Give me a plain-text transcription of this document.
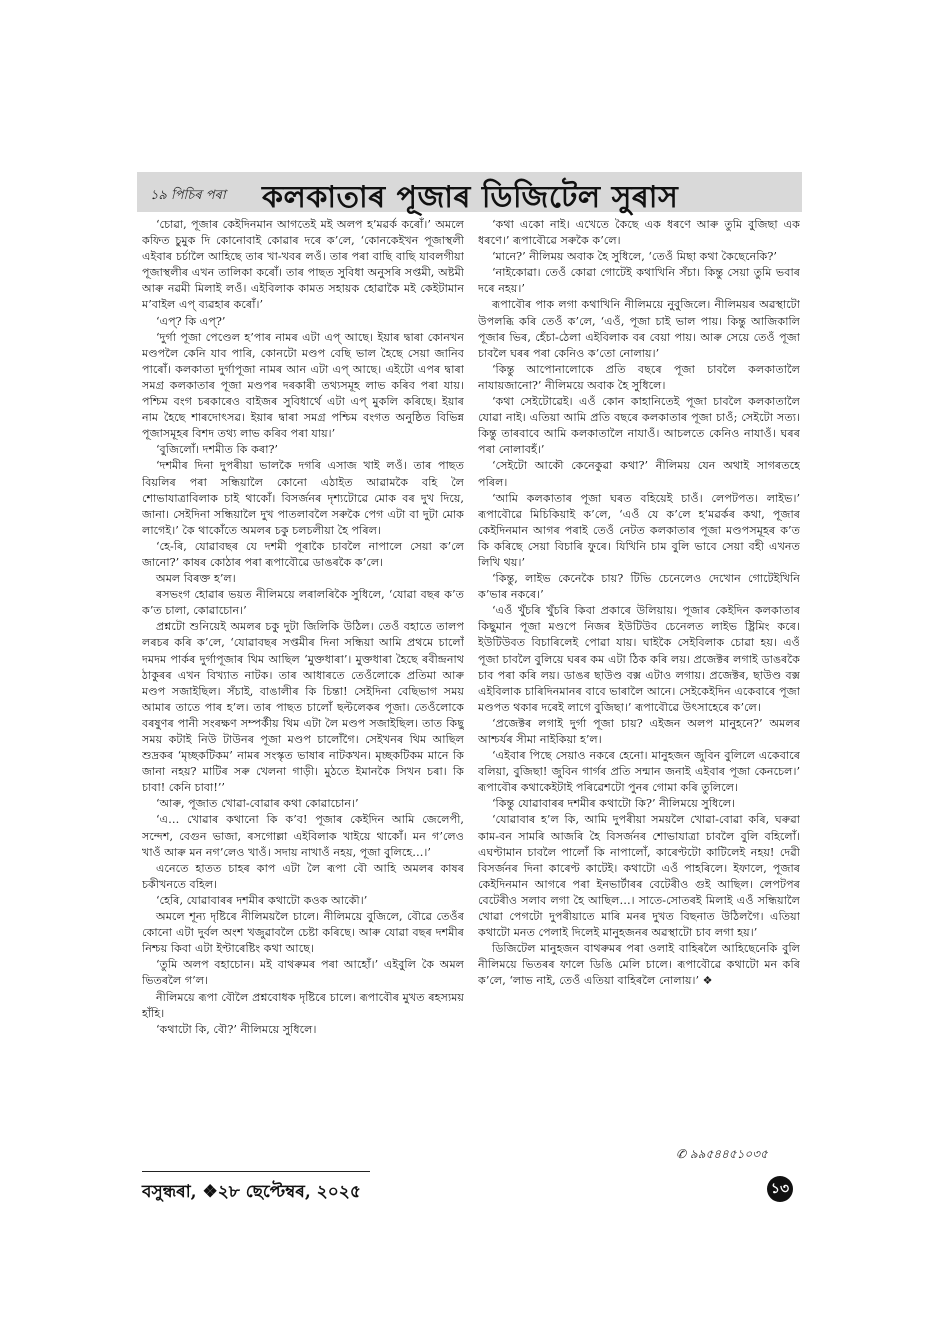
১৯ পিচিৰ পৰা কলকাতাৰ পূজাৰ ডিজিটেল সুৰাস

‘চোৱা, পূজাৰ কেইদিনমান আগতেই মই অলপ হ’মৱৰ্ক কৰোঁ।’ অমলে কফিত চুমুক দি কোনোবাই কোৱাৰ দৰে ক’লে, ‘কোনকেইখন পূজাস্থলী এইবাৰ চৰ্চালৈ আহিছে তাৰ খা-খবৰ লওঁ। তাৰ পৰা বাছি বাছি যাবলগীয়া পূজাস্থলীৰ এখন তালিকা কৰোঁ। তাৰ পাছত সুবিধা অনুসৰি সপ্তমী, অষ্টমী আৰু নৱমী মিলাই লওঁ। এইবিলাক কামত সহায়ক হোৱাকৈ মই কেইটামান ম’বাইল এপ্‌ ব্যৱহাৰ কৰোঁ।’

‘এপ্‌? কি এপ্‌?’

‘দুৰ্গা পূজা পেণ্ডেল হ’পাৰ নামৰ এটা এপ্‌ আছে। ইয়াৰ দ্বাৰা কোনখন মণ্ডপলৈ কেনি যাব পাৰি, কোনটো মণ্ডপ বেছি ভাল হৈছে সেয়া জানিব পাৰোঁ। কলকাতা দুৰ্গাপূজা নামৰ আন এটা এপ্‌ আছে। এইটো এপৰ দ্বাৰা সমগ্ৰ কলকাতাৰ পূজা মণ্ডপৰ দৰকাৰী তথ্যসমূহ লাভ কৰিব পৰা যায়। পশ্চিম বংগ চৰকাৰেও বাইজৰ সুবিধাৰ্থে এটা এপ্‌ মুকলি কৰিছে। ইয়াৰ নাম হৈছে শাৰদোৎসৱ। ইয়াৰ দ্বাৰা সমগ্ৰ পশ্চিম বংগত অনুষ্ঠিত বিভিন্ন পূজাসমূহৰ বিশদ তথ্য লাভ কৰিব পৰা যায়।’

‘বুজিলোঁ। দশমীত কি কৰা?’

‘দশমীৰ দিনা দুপৰীয়া ভালকৈ দগৰি এসাজ খাই লওঁ। তাৰ পাছত বিয়লিৰ পৰা সন্ধিয়ালৈ কোনো এঠাইত আৱামকৈ বহি লৈ শোভাযাত্ৰাবিলাক চাই থাকোঁ। বিসৰ্জনৰ দৃশ্যটোৱে মোক বৰ দুখ দিয়ে, জানা। সেইদিনা সন্ধিয়ালৈ দুখ পাতলাবলৈ সৰুকৈ পেগ এটা বা দুটা মোক লাগেই।’ কৈ থাকোঁতে অমলৰ চকু চলচলীয়া হৈ পৰিল।

‘হে-ৰি, যোৱাবছৰ যে দশমী পূৰাকৈ চাবলৈ নাপালে সেয়া ক’লে জানো?’ কাষৰ কোঠাৰ পৰা ৰূপাবৌৱে ডাঙৰকৈ ক’লে।

অমল বিৰক্ত হ’ল।

ৰসভংগ হোৱাৰ ভয়ত নীলিময়ে লৰালৰিকৈ সুধিলে, ‘যোৱা বছৰ ক’ত ক’ত চালা, কোৱাচোন।’

প্ৰশ্নটো শুনিয়েই অমলৰ চকু দুটা জিলিকি উঠিল। তেওঁ বহাতে তালপ লৰচৰ কৰি ক’লে, ‘যোৱাবছৰ সপ্তমীৰ দিনা সন্ধিয়া আমি প্ৰথমে চালোঁ দমদম পাৰ্কৰ দুৰ্গাপূজাৰ থিম আছিল ‘মুক্তধাৰা’। মুক্তধাৰা হৈছে ৰবীন্দ্ৰনাথ ঠাকুৰৰ এখন বিখ্যাত নাটক। তাৰ আধাৰতে তেওঁলোকে প্ৰতিমা আৰু মণ্ডপ সজাইছিল। সঁচাই, বাঙালীৰ কি চিন্তা! সেইদিনা বেছিভাগ সময় আমাৰ তাতে পাৰ হ’ল। তাৰ পাছত চালোঁ ছল্টলেকৰ পূজা। তেওঁলোকে বৰষুণৰ পানী সংৰক্ষণ সম্পৰ্কীয় থিম এটা লৈ মণ্ডপ সজাইছিল। তাত কিছু সময় কটাই নিউ টাউনৰ পূজা মণ্ডপ চালোঁগৈ। সেইখনৰ থিম আছিল শুদ্ৰকৰ ‘মৃচ্ছকটিকম’ নামৰ সংস্কৃত ভাষাৰ নাটকখন। মৃচ্ছকটিকম মানে কি জানা নহয়? মাটিৰ সৰু খেলনা গাড়ী। মুঠতে ইমানকৈ সিখন চৰা। কি চাবা! কেনি চাবা!’’

‘আৰু, পূজাত খোৱা-বোৱাৰ কথা কোৱাচোন।’

‘এ… খোৱাৰ কথানো কি ক’ব! পূজাৰ কেইদিন আমি জেলেপী, সন্দেশ, বেগুন ভাজা, ৰসগোল্লা এইবিলাক খাইয়ে থাকোঁ। মন গ’লেও খাওঁ আৰু মন নগ’লেও খাওঁ। সদায় নাখাওঁ নহয়, পূজা বুলিহে…।’

এনেতে হাতত চাহৰ কাপ এটা লৈ ৰূপা বৌ আহি অমলৰ কাষৰ চকীখনতে বহিল।

‘হেৰি, যোৱাবাৰৰ দশমীৰ কথাটো কওক আকৌ।’

অমলে শূন্য দৃষ্টিৰে নীলিময়লৈ চালে। নীলিময়ে বুজিলে, বৌৱে তেওঁৰ কোনো এটা দুৰ্বল অংশ খজুৱাবলৈ চেষ্টা কৰিছে। আৰু যোৱা বছৰ দশমীৰ নিশ্চয় কিবা এটা ইণ্টাৰেষ্টিং কথা আছে।

‘তুমি অলপ বহাচোন। মই বাথৰুমৰ পৰা আহোঁ।’ এইবুলি কৈ অমল ভিতৰলৈ গ’ল।

নীলিময়ে ৰূপা বৌলৈ প্ৰশ্নবোধক দৃষ্টিৰে চালে। ৰূপাবৌৰ মুখত ৰহস্যময় হাঁহি।

‘কথাটো কি, বৌ?’ নীলিময়ে সুধিলে।

‘কথা একো নাই। এখেতে কৈছে এক ধৰণে আৰু তুমি বুজিছা এক ধৰণে।’ ৰূপাবৌৱে সৰুকৈ ক’লে।

‘মানে?’ নীলিময় অবাক হৈ সুধিলে, ‘তেওঁ মিছা কথা কৈছেনেকি?’

‘নাইকোৱা। তেওঁ কোৱা গোটেই কথাখিনি সঁচা। কিন্তু সেয়া তুমি ভবাৰ দৰে নহয়।’

ৰূপাবৌৰ পাক লগা কথাখিনি নীলিময়ে নুবুজিলে। নীলিময়ৰ অৱস্থাটো উপলব্ধি কৰি তেওঁ ক’লে, ‘এওঁ, পূজা চাই ভাল পায়। কিন্তু আজিকালি পূজাৰ ভিৰ, হেঁচা-ঠেলা এইবিলাক বৰ বেয়া পায়। আৰু সেয়ে তেওঁ পূজা চাবলৈ ঘৰৰ পৰা কেনিও ক’তো নোলায়।’

‘কিন্তু আপোনালোকে প্ৰতি বছৰে পূজা চাবলৈ কলকাতালৈ নাযায়জানো?’ নীলিময়ে অবাক হৈ সুধিলে।

‘কথা সেইটোৱেই। এওঁ কোন কাহানিতেই পূজা চাবলৈ কলকাতালৈ যোৱা নাই। এতিয়া আমি প্ৰতি বছৰে কলকাতাৰ পূজা চাওঁ; সেইটো সত্য। কিন্তু তাৰবাবে আমি কলকাতালৈ নাযাওঁ। আচলতে কেনিও নাযাওঁ। ঘৰৰ পৰা নোলাবহঁ।’

‘সেইটো আকৌ কেনেকুৱা কথা?’ নীলিময় যেন অথাই সাগৰতহে পৰিল।

‘আমি কলকাতাৰ পূজা ঘৰত বহিয়েই চাওঁ। লেপটপত। লাইভ।’ ৰূপাবৌৱে মিচিকিয়াই ক’লে, ‘এওঁ যে ক’লে হ’মৱৰ্কৰ কথা, পূজাৰ কেইদিনমান আগৰ পৰাই তেওঁ নেটত কলকাতাৰ পূজা মণ্ডপসমূহৰ ক’ত কি কৰিছে সেয়া বিচাৰি ফুৰে। যিখিনি চাম বুলি ভাবে সেয়া বহী এখনত লিখি থয়।’

‘কিন্তু, লাইভ কেনেকৈ চায়? টিভি চেনেলেও দেখোন গোটেইখিনি ক’ভাৰ নকৰে।’

‘এওঁ খুঁচৰি খুঁচৰি কিবা প্ৰকাৰে উলিয়ায়। পূজাৰ কেইদিন কলকাতাৰ কিছুমান পূজা মণ্ডপে নিজৰ ইউটিউব চেনেলত লাইভ ষ্ট্ৰিমিং কৰে। ইউটিউবত বিচাৰিলেই পোৱা যায়। ঘাইকৈ সেইবিলাক চোৱা হয়। এওঁ পূজা চাবলৈ বুলিয়ে ঘৰৰ কম এটা ঠিক কৰি লয়। প্ৰজেক্টৰ লগাই ডাঙৰকৈ চাব পৰা কৰি লয়। ডাঙৰ ছাউণ্ড বক্স এটাও লগায়। প্ৰজেক্টৰ, ছাউণ্ড বক্স এইবিলাক চাৰিদিনমানৰ বাবে ভাৰালৈ আনে। সেইকেইদিন একেবাৰে পূজা মণ্ডপত থকাৰ দৰেই লাগে বুজিছা।’ ৰূপাবৌৱে উৎসাহেৰে ক’লে।

‘প্ৰজেক্টৰ লগাই দুৰ্গা পূজা চায়? এইজন অলপ মানুহনে?’ অমলৰ আশ্চৰ্যৰ সীমা নাইকিয়া হ’ল।

‘এইবাৰ পিছে সেয়াও নকৰে হেনো। মানুহজন জুবিন বুলিলে একেবাৰে বলিয়া, বুজিছা! জুবিন গাৰ্গৰ প্ৰতি সন্মান জনাই এইবাৰ পূজা কেনচেল।’ ৰূপাবৌৰ কথাকেইটাই পৰিৱেশটো পুনৰ গোমা কৰি তুলিলে।

‘কিন্তু যোৱাবাৰৰ দশমীৰ কথাটো কি?’ নীলিময়ে সুধিলে।

‘যোৱাবাৰ হ’ল কি, আমি দুপৰীয়া সময়লৈ খোৱা-বোৱা কৰি, ঘৰুৱা কাম-বন সামৰি আজৰি হৈ বিসৰ্জনৰ শোভাযাত্ৰা চাবলৈ বুলি বহিলোঁ। এঘণ্টামান চাবলৈ পালোঁ কি নাপালোঁ, কাৰেণ্টটো কাটিলেই নহয়! দেৱী বিসৰ্জনৰ দিনা কাৰেণ্ট কাটেই। কথাটো এওঁ পাহৰিলে। ইফালে, পূজাৰ কেইদিনমান আগৰে পৰা ইনভাৰ্টাৰৰ বেটেৰীও গুই আছিল। লেপটপৰ বেটেৰীও সলাব লগা হৈ আছিল…। সাতে-সোতৰই মিলাই এওঁ সন্ধিয়ালৈ খোৱা পেগটো দুপৰীয়াতে মাৰি মনৰ দুখত বিছনাত উঠিলগৈ। এতিয়া কথাটো মনত পেলাই দিলেই মানুহজনৰ অৱস্থাটো চাব লগা হয়।’

ডিজিটেল মানুহজন বাথৰুমৰ পৰা ওলাই বাহিৰলৈ আহিছেনেকি বুলি নীলিময়ে ভিতৰৰ ফালে ডিঙি মেলি চালে। ৰূপাবৌৱে কথাটো মন কৰি ক’লে, ‘লাভ নাই, তেওঁ এতিয়া বাহিৰলৈ নোলায়।’ ❖

✆ ৯৯৫৪৪৫১০৩৫
বসুন্ধৰা, ❖২৮ ছেপ্টেম্বৰ, ২০২৫	১৩
